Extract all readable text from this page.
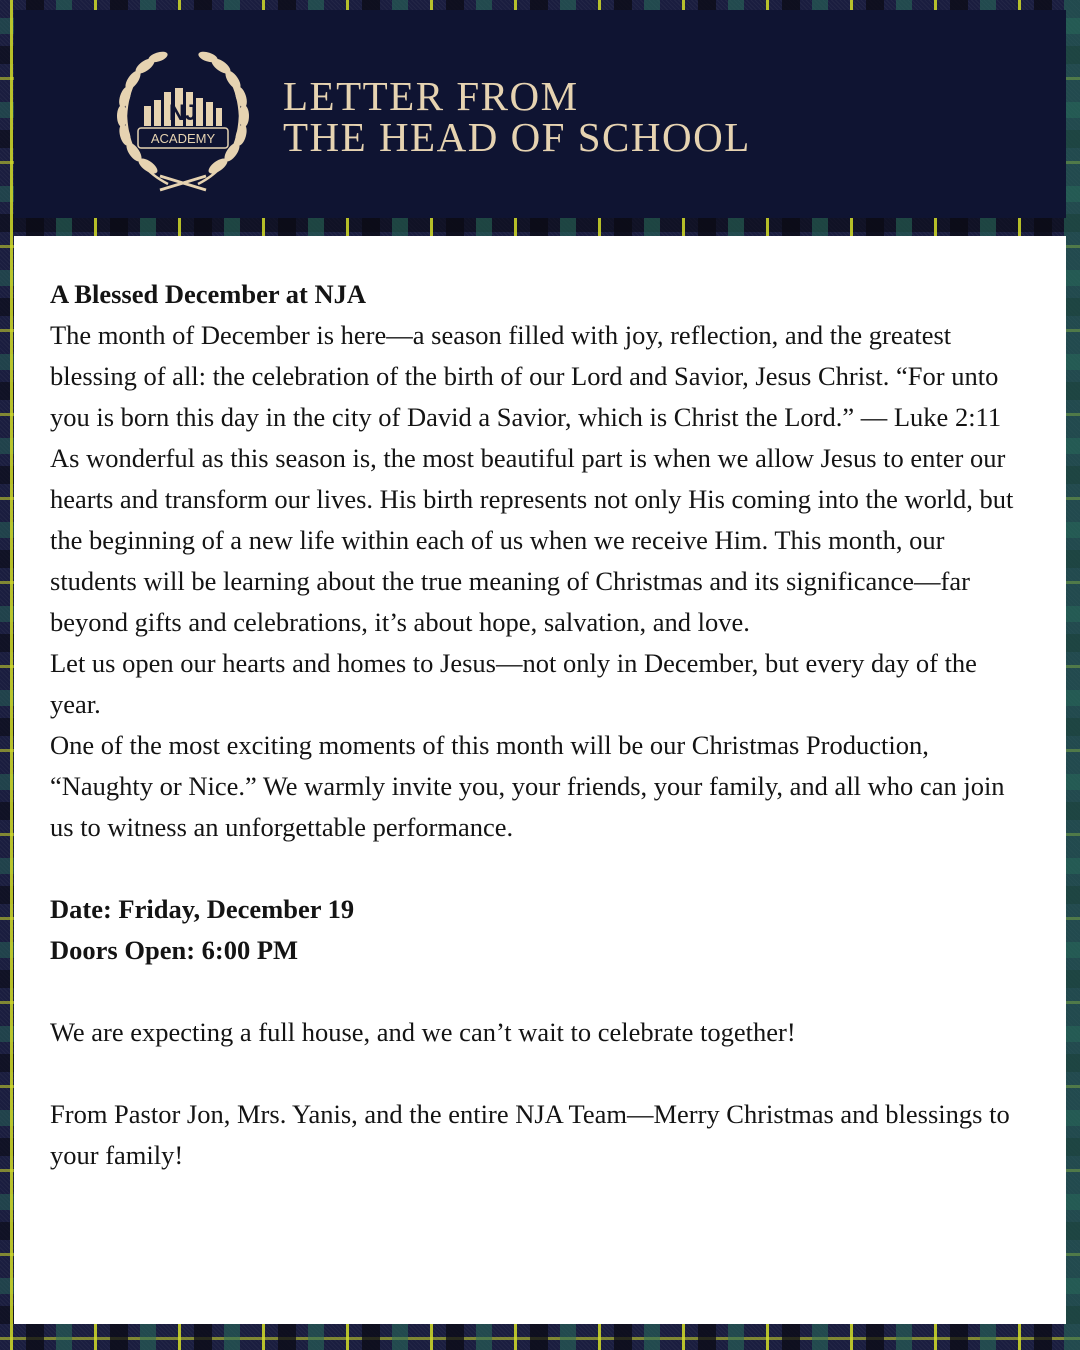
NJ
ACADEMY
LETTER FROM
THE HEAD OF SCHOOL

A Blessed December at NJA

The month of December is here—a season filled with joy, reflection, and the greatest blessing of all: the celebration of the birth of our Lord and Savior, Jesus Christ. “For unto you is born this day in the city of David a Savior, which is Christ the Lord.” — Luke 2:11

As wonderful as this season is, the most beautiful part is when we allow Jesus to enter our hearts and transform our lives. His birth represents not only His coming into the world, but the beginning of a new life within each of us when we receive Him. This month, our students will be learning about the true meaning of Christmas and its significance—far beyond gifts and celebrations, it’s about hope, salvation, and love.

Let us open our hearts and homes to Jesus—not only in December, but every day of the year.

One of the most exciting moments of this month will be our Christmas Production, “Naughty or Nice.” We warmly invite you, your friends, your family, and all who can join us to witness an unforgettable performance.

Date: Friday, December 19

Doors Open: 6:00 PM

We are expecting a full house, and we can’t wait to celebrate together!

From Pastor Jon, Mrs. Yanis, and the entire NJA Team—Merry Christmas and blessings to your family!
